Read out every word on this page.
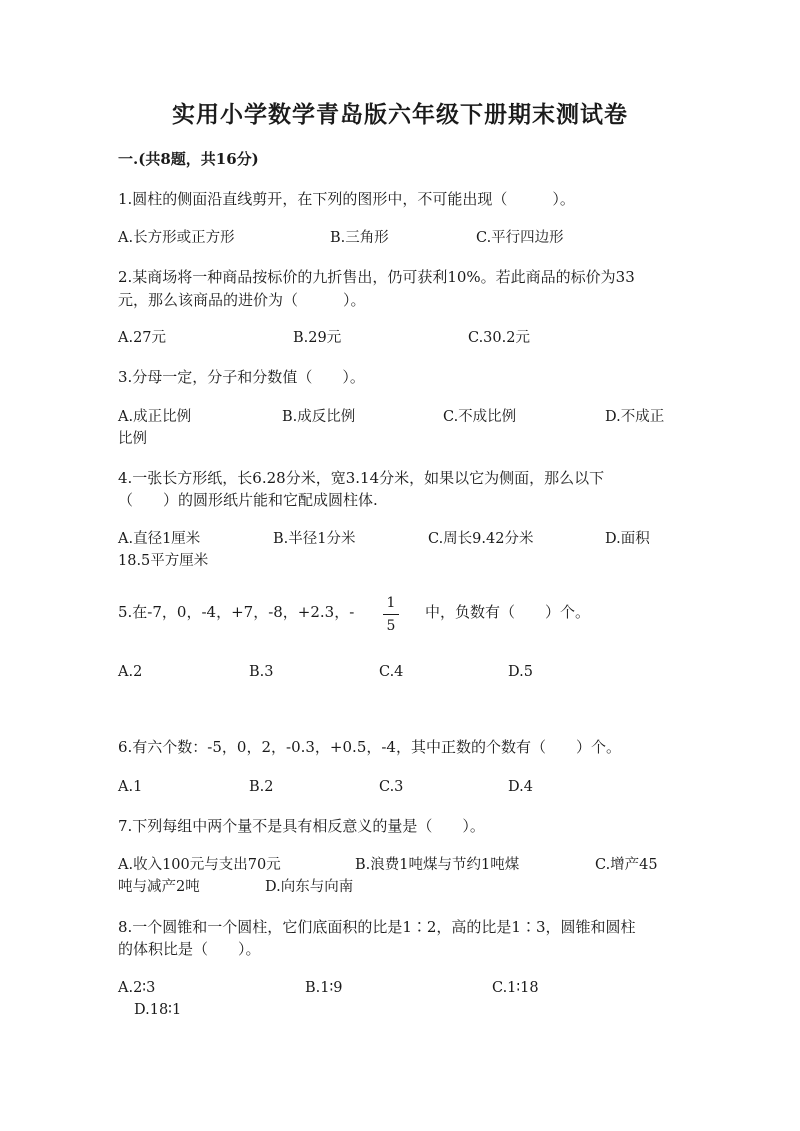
实用小学数学青岛版六年级下册期末测试卷
一.(共8题，共16分)
1.圆柱的侧面沿直线剪开，在下列的图形中，不可能出现（　　　）。
A.长方形或正方形	B.三角形	C.平行四边形
2.某商场将一种商品按标价的九折售出，仍可获利10%。若此商品的标价为33
元，那么该商品的进价为（　　　）。
A.27元	B.29元	C.30.2元
3.分母一定，分子和分数值（　　）。
A.成正比例	B.成反比例	C.不成比例	D.不成正
比例
4.一张长方形纸，长6.28分米，宽3.14分米，如果以它为侧面，那么以下
（　　）的圆形纸片能和它配成圆柱体.
A.直径1厘米	B.半径1分米	C.周长9.42分米	D.面积
18.5平方厘米
5.在-7，0，-4，+7，-8，+2.3，- 1
5
中，负数有（　　）个。
A.2	B.3	C.4	D.5
6.有六个数：-5，0，2，-0.3，+0.5，-4，其中正数的个数有（　　）个。
A.1	B.2	C.3	D.4
7.下列每组中两个量不是具有相反意义的量是（　　）。
A.收入100元与支出70元	B.浪费1吨煤与节约1吨煤	C.增产45
吨与减产2吨	D.向东与向南
8.一个圆锥和一个圆柱，它们底面积的比是1∶2，高的比是1∶3，圆锥和圆柱
的体积比是（　　）。
A.2∶3	B.1∶9	C.1∶18
D.18∶1
